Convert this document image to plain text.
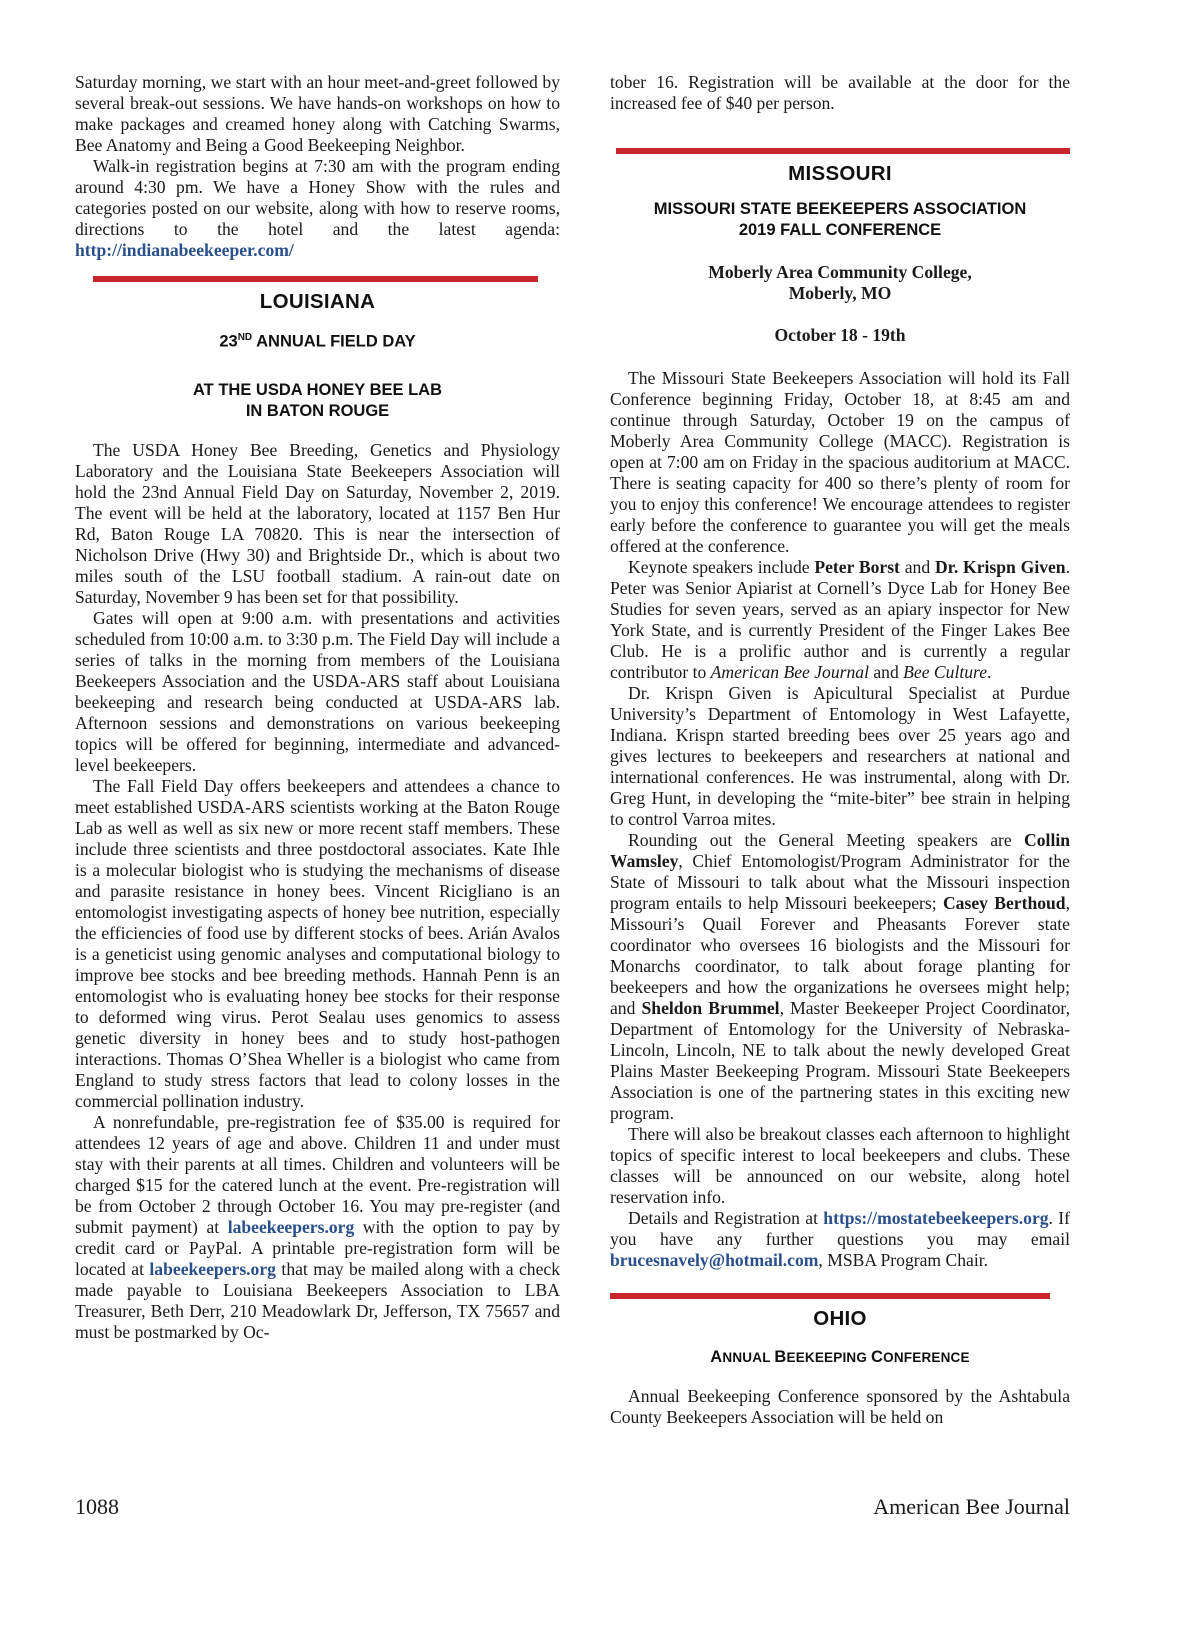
Saturday morning, we start with an hour meet-and-greet followed by several break-out sessions. We have hands-on workshops on how to make packages and creamed honey along with Catching Swarms, Bee Anatomy and Being a Good Beekeeping Neighbor.

Walk-in registration begins at 7:30 am with the program ending around 4:30 pm. We have a Honey Show with the rules and categories posted on our website, along with how to reserve rooms, directions to the hotel and the latest agenda: http://indianabeekeeper.com/

LOUISIANA
23ND ANNUAL FIELD DAY
AT THE USDA HONEY BEE LAB
IN BATON ROUGE

The USDA Honey Bee Breeding, Genetics and Physiology Laboratory and the Louisiana State Beekeepers Association will hold the 23nd Annual Field Day on Saturday, November 2, 2019. The event will be held at the laboratory, located at 1157 Ben Hur Rd, Baton Rouge LA 70820. This is near the intersection of Nicholson Drive (Hwy 30) and Brightside Dr., which is about two miles south of the LSU football stadium. A rain-out date on Saturday, November 9 has been set for that possibility.

Gates will open at 9:00 a.m. with presentations and activities scheduled from 10:00 a.m. to 3:30 p.m. The Field Day will include a series of talks in the morning from members of the Louisiana Beekeepers Association and the USDA-ARS staff about Louisiana beekeeping and research being conducted at USDA-ARS lab. Afternoon sessions and demonstrations on various beekeeping topics will be offered for beginning, intermediate and advanced-level beekeepers.

The Fall Field Day offers beekeepers and attendees a chance to meet established USDA-ARS scientists working at the Baton Rouge Lab as well as well as six new or more recent staff members. These include three scientists and three postdoctoral associates. Kate Ihle is a molecular biologist who is studying the mechanisms of disease and parasite resistance in honey bees. Vincent Ricigliano is an entomologist investigating aspects of honey bee nutrition, especially the efficiencies of food use by different stocks of bees. Arián Avalos is a geneticist using genomic analyses and computational biology to improve bee stocks and bee breeding methods. Hannah Penn is an entomologist who is evaluating honey bee stocks for their response to deformed wing virus. Perot Sealau uses genomics to assess genetic diversity in honey bees and to study host-pathogen interactions. Thomas O’Shea Wheller is a biologist who came from England to study stress factors that lead to colony losses in the commercial pollination industry.

A nonrefundable, pre-registration fee of $35.00 is required for attendees 12 years of age and above. Children 11 and under must stay with their parents at all times. Children and volunteers will be charged $15 for the catered lunch at the event. Pre-registration will be from October 2 through October 16. You may pre-register (and submit payment) at labeekeepers.org with the option to pay by credit card or PayPal. A printable pre-registration form will be located at labeekeepers.org that may be mailed along with a check made payable to Louisiana Beekeepers Association to LBA Treasurer, Beth Derr, 210 Meadowlark Dr, Jefferson, TX 75657 and must be postmarked by Oc-

tober 16. Registration will be available at the door for the increased fee of $40 per person.

MISSOURI
MISSOURI STATE BEEKEEPERS ASSOCIATION
2019 FALL CONFERENCE
Moberly Area Community College,
Moberly, MO
October 18 - 19th

The Missouri State Beekeepers Association will hold its Fall Conference beginning Friday, October 18, at 8:45 am and continue through Saturday, October 19 on the campus of Moberly Area Community College (MACC). Registration is open at 7:00 am on Friday in the spacious auditorium at MACC. There is seating capacity for 400 so there’s plenty of room for you to enjoy this conference! We encourage attendees to register early before the conference to guarantee you will get the meals offered at the conference.

Keynote speakers include Peter Borst and Dr. Krispn Given. Peter was Senior Apiarist at Cornell’s Dyce Lab for Honey Bee Studies for seven years, served as an apiary inspector for New York State, and is currently President of the Finger Lakes Bee Club. He is a prolific author and is currently a regular contributor to American Bee Journal and Bee Culture.

Dr. Krispn Given is Apicultural Specialist at Purdue University’s Department of Entomology in West Lafayette, Indiana. Krispn started breeding bees over 25 years ago and gives lectures to beekeepers and researchers at national and international conferences. He was instrumental, along with Dr. Greg Hunt, in developing the “mite-biter” bee strain in helping to control Varroa mites.

Rounding out the General Meeting speakers are Collin Wamsley, Chief Entomologist/Program Administrator for the State of Missouri to talk about what the Missouri inspection program entails to help Missouri beekeepers; Casey Berthoud, Missouri’s Quail Forever and Pheasants Forever state coordinator who oversees 16 biologists and the Missouri for Monarchs coordinator, to talk about forage planting for beekeepers and how the organizations he oversees might help; and Sheldon Brummel, Master Beekeeper Project Coordinator, Department of Entomology for the University of Nebraska-Lincoln, Lincoln, NE to talk about the newly developed Great Plains Master Beekeeping Program. Missouri State Beekeepers Association is one of the partnering states in this exciting new program.

There will also be breakout classes each afternoon to highlight topics of specific interest to local beekeepers and clubs. These classes will be announced on our website, along hotel reservation info.

Details and Registration at https://mostatebeekeepers.org. If you have any further questions you may email brucesnavely@hotmail.com, MSBA Program Chair.

OHIO
ANNUAL BEEKEEPING CONFERENCE

Annual Beekeeping Conference sponsored by the Ashtabula County Beekeepers Association will be held on

1088	American Bee Journal
